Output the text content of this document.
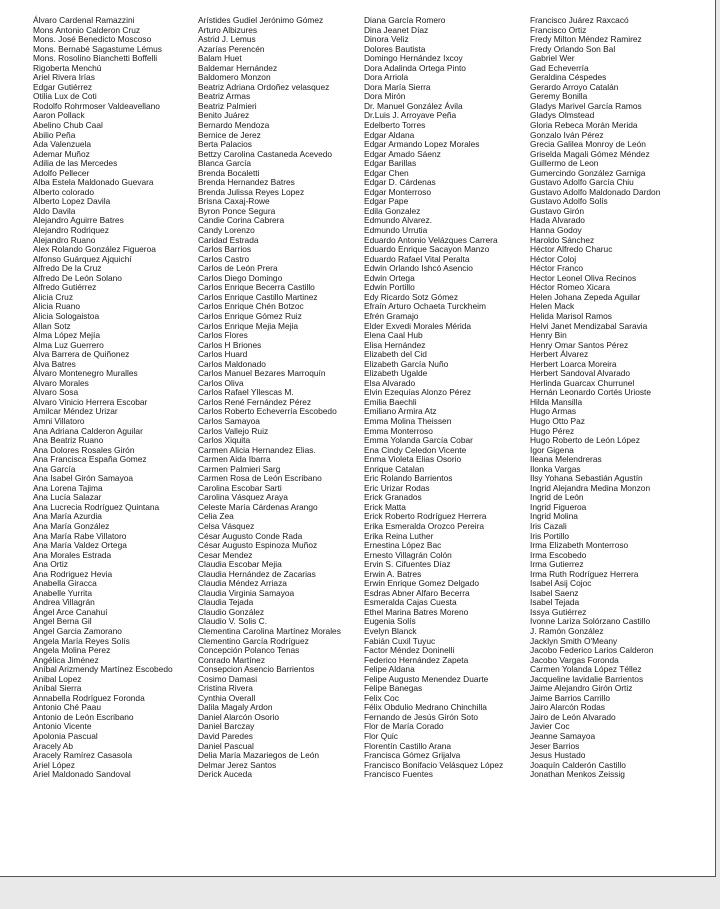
Álvaro Cardenal Ramazzini
Mons Antonio Calderon Cruz
Mons. José Benedicto Moscoso
Mons. Bernabé Sagastume Lémus
Mons. Rosolino Bianchetti Boffelli
Rigoberta Menchú
Ariel Rivera Irías
Edgar Gutiérrez
Otilia Lux de Coti
Rodolfo Rohrmoser Valdeavellano
Aaron Pollack
Abelino Chub Caal
Abilio Peña
Ada Valenzuela
Ademar Muñoz
Adilia de las Mercedes
Adolfo Pellecer
Alba Estela Maldonado Guevara
Alberto colorado
Alberto Lopez Davila
Aldo Davila
Alejandro Aguirre Batres
Alejandro Rodriquez
Alejandro Ruano
Alex Rolando González Figueroa
Alfonso Guárquez Ajquichí
Alfredo De la Cruz
Alfredo De León Solano
Alfredo Gutiérrez
Alicia Cruz
Alicia Ruano
Alicia Sologaistoa
Allan Sotz
Alma López Mejía
Alma Luz Guerrero
Alva Barrera de Quiñonez
Alva Batres
Álvaro Montenegro Muralles
Alvaro Morales
Alvaro Sosa
Alvaro Vinicio Herrera Escobar
Amilcar Méndez Urizar
Amni Villatoro
Ana Adriana Calderon Aguilar
Ana Beatriz Ruano
Ana Dolores Rosales Girón
Ana Francisca España Gomez
Ana García
Ana Isabel Girón Samayoa
Ana Lorena Tajima
Ana Lucía Salazar
Ana Lucrecia Rodríguez Quintana
Ana María Azurdia
Ana María González
Ana María Rabe Villatoro
Ana María Valdez Ortega
Ana Morales Estrada
Ana Ortiz
Ana Rodriguez Hevia
Anabella Giracca
Anabelle Yurrita
Andrea Villagrán
Ángel Arce Canahuí
Angel Berna Gil
Angel Garcia Zamorano
Angela María Reyes Solís
Angela Molina Perez
Angélica Jiménez
Aníbal Arizmendy Martínez Escobedo
Anibal Lopez
Aníbal Sierra
Annabella Rodríguez Foronda
Antonio Ché Paau
Antonio de León Escribano
Antonio Vicente
Apolonia Pascual
Aracely Ab
Aracely Ramírez Casasola
Ariel López
Ariel Maldonado Sandoval
Arístides Gudiel Jerónimo Gómez
Arturo Albizures
Astrid J. Lemus
Azarías Perencén
Balam Huet
Baldemar Hernández
Baldomero Monzon
Beatriz Adriana Ordoñez velasquez
Beatriz Armas
Beatriz Palmieri
Benito Juárez
Bernardo Mendoza
Bernice de Jerez
Berta Palacios
Bettzy Carolina Castaneda Acevedo
Blanca García
Brenda Bocaletti
Brenda Hernandez Batres
Brenda Julissa Reyes Lopez
Brisna Caxaj-Rowe
Byron Ponce Segura
Candie Corina Cabrera
Candy Lorenzo
Caridad Estrada
Carlos Barrios
Carlos Castro
Carlos de León Prera
Carlos Diego Domingo
Carlos Enrique Becerra Castillo
Carlos Enrique Castillo Martinez
Carlos Enrique Chén Botzoc
Carlos Enrique Gómez Ruiz
Carlos Enrique Mejia Mejia
Carlos Flores
Carlos H Briones
Carlos Huard
Carlos Maldonado
Carlos Manuel Bezares Marroquín
Carlos Oliva
Carlos Rafael Yllescas M.
Carlos René Fernández Pérez
Carlos Roberto Echeverría Escobedo
Carlos Samayoa
Carlos Vallejo Ruiz
Carlos Xiquita
Carmen Alicia Hernandez Elias.
Carmen Aida Ibarra
Carmen Palmieri Sarg
Carmen Rosa de León Escribano
Carolina Escobar Sarti
Carolina Vásquez Araya
Celeste María Cárdenas Arango
Celia Zea
Celsa Vásquez
César Augusto Conde Rada
César Augusto Espinoza Muñoz
Cesar Mendez
Claudia Escobar Mejia
Claudia Hernández de Zacarias
Claudia Méndez Arriaza
Claudia Virginia Samayoa
Claudia Tejada
Claudio González
Claudio V. Solis C.
Clementina Carolina Martínez Morales
Clementino García Rodríguez
Concepción Polanco Tenas
Conrado Martínez
Consepcion Asencio Barrientos
Cosimo Damasi
Cristina Rivera
Cynthia Overall
Dalila Magaly Ardon
Daniel Alarcón Osorio
Daniel Barczay
David Paredes
Daniel Pascual
Delia María Mazariegos de León
Delmar Jerez Santos
Derick Auceda
Diana García Romero
Dina Jeanet Díaz
Dinora Veliz
Dolores Bautista
Domingo Hernández Ixcoy
Dora Adalinda Ortega Pinto
Dora Arriola
Dora María Sierra
Dora Mirón
Dr. Manuel González Ávila
Dr.Luis J. Arroyave Peña
Edelberto Torres
Edgar Aldana
Edgar Armando Lopez Morales
Edgar Amado Sáenz
Edgar Barillas
Edgar Chen
Edgar D. Cárdenas
Edgar Monterroso
Edgar Pape
Edila Gonzalez
Edmundo Alvarez.
Edmundo Urrutia
Eduardo Antonio Velázques Carrera
Eduardo Enrique Sacayon Manzo
Eduardo Rafael Vital Peralta
Edwin Orlando Ishcó Asencio
Edwin Ortega
Edwin Portillo
Edy Ricardo Sotz Gómez
Efraín Arturo Ochaeta Turckheim
Efrén Gramajo
Elder Exvedi Morales Mérida
Elena Caal Hub
Elisa Hernández
Elizabeth del Cid
Elizabeth García Nuño
Elizabeth Ugalde
Elsa Alvarado
Elvin Ezequías Alonzo Pérez
Emilia Baechli
Emiliano Armira Atz
Emma Molina Theissen
Emma Monterroso
Emma Yolanda García Cobar
Ena Cindy Celedon Vicente
Enma Violeta Elias Osorio
Enrique Catalan
Eric Rolando Barrientos
Eric Urizar Rodas
Erick Granados
Erick Matta
Erick Roberto Rodríguez Herrera
Erika Esmeralda Orozco Pereira
Erika Reina Luther
Ernestina López Bac
Ernesto Villagrán Colón
Ervin S. Cifuentes Díaz
Erwin A. Batres
Erwin Enrique Gomez Delgado
Esdras Abner Alfaro Becerra
Esmeralda Cajas Cuesta
Ethel Marina Batres Moreno
Eugenia Solís
Evelyn Blanck
Fabián Cuxil Tuyuc
Factor Méndez Doninelli
Federico Hernández Zapeta
Felipe Aldana
Felipe Augusto Menendez Duarte
Felipe Banegas
Felix Coc
Félix Obdulio Medrano Chinchilla
Fernando de Jesús Girón Soto
Flor de María Corado
Flor Quic
Florentín Castillo Arana
Francisca Gómez Grijalva
Francisco Bonifacio Velásquez López
Francisco Fuentes
Francisco Juárez Raxcacó
Francisco Ortiz
Fredy Milton Méndez Ramirez
Fredy Orlando Son Bal
Gabriel Wer
Gad Echeverría
Geraldina Céspedes
Gerardo Arroyo Catalán
Geremy Bonilla
Gladys Marivel García Ramos
Gladys Olmstead
Gloria Rebeca Morán Merida
Gonzalo Iván Pérez
Grecia Galilea Monroy de León
Griselda Magali Gómez Méndez
Guillermo de Leon
Gumercindo González Garniga
Gustavo Adolfo García Chiu
Gustavo Adolfo Maldonado Dardon
Gustavo Adolfo Solís
Gustavo Girón
Hada Alvarado
Hanna Godoy
Haroldo Sánchez
Héctor Alfredo Charuc
Héctor Coloj
Héctor Franco
Hector Leonel Oliva Recinos
Héctor Romeo Xicara
Helen Johana Zepeda Aguilar
Helen Mack
Helida Marisol Ramos
Helvi Janet Mendizabal Saravia
Henry Bin
Henry Omar Santos Pérez
Herbert Álvarez
Herbert Loarca Moreira
Herbert Sandoval Alvarado
Herlinda Guarcax Churrunel
Hernán Leonardo Cortés Urioste
Hilda Mansilla
Hugo Armas
Hugo Otto Paz
Hugo Pérez
Hugo Roberto de León López
Igor Gigena
Ileana Melendreras
Ilonka Vargas
Ilsy Yohana Sebastián Agustín
Ingrid Alejandra Medina Monzon
Ingrid de León
Ingrid Figueroa
Ingrid Molina
Iris Cazali
Iris Portillo
Irma Elizabeth Monterroso
Irma Escobedo
Irma Gutierrez
Irma Ruth Rodríguez Herrera
Isabel Asij Cojoc
Isabel Saenz
Isabel Tejada
Issya Gutiérrez
Ivonne Lariza Solórzano Castillo
J. Ramón González
Jacklyn Smith O'Meany
Jacobo Federico Larios Calderon
Jacobo Vargas Foronda
Carmen Yolanda López Téllez
Jacqueline lavidalie Barrientos
Jaime Alejandro Girón Ortiz
Jaime Barrios Carrillo
Jairo Alarcón Rodas
Jairo de León Alvarado
Javier Coc
Jeanne Samayoa
Jeser Barrios
Jesus Hustado
Joaquín Calderón Castillo
Jonathan Menkos Zeissig
